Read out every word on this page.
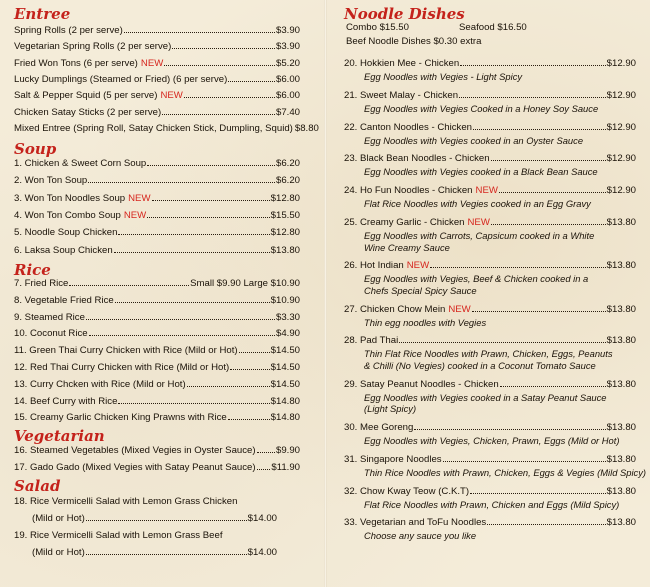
Entree
Spring Rolls (2 per serve)	$3.90
Vegetarian Spring Rolls (2 per serve)	$3.90
Fried Won Tons (6 per serve) NEW	$5.20
Lucky Dumplings (Steamed or Fried) (6 per serve)	$6.00
Salt & Pepper Squid (5 per serve) NEW	$6.00
Chicken Satay Sticks (2 per serve)	$7.40
Mixed Entree (Spring Roll, Satay Chicken Stick, Dumpling, Squid) $8.80
Soup
1. Chicken & Sweet Corn Soup	$6.20
2. Won Ton Soup	$6.20
3. Won Ton Noodles Soup NEW	$12.80
4. Won Ton Combo Soup NEW	$15.50
5. Noodle Soup Chicken	$12.80
6. Laksa Soup Chicken	$13.80
Rice
7. Fried Rice	Small $9.90 Large $10.90
8. Vegetable Fried Rice	$10.90
9. Steamed Rice	$3.30
10. Coconut Rice	$4.90
11. Green Thai Curry Chicken with Rice (Mild or Hot)	$14.50
12. Red Thai Curry Chicken with Rice (Mild or Hot)	$14.50
13. Curry Chcken with Rice (Mild or Hot)	$14.50
14. Beef Curry with Rice	$14.80
15. Creamy Garlic Chicken King Prawns with Rice	$14.80
Vegetarian
16. Steamed Vegetables (Mixed Vegies in Oyster Sauce) $9.90
17. Gado Gado (Mixed Vegies with Satay Peanut Sauce) $11.90
Salad
18. Rice Vermicelli Salad with Lemon Grass Chicken
(Mild or Hot)	$14.00
19. Rice Vermicelli Salad with Lemon Grass Beef
(Mild or Hot)	$14.00
Noodle Dishes
Combo $15.50	Seafood $16.50
Beef Noodle Dishes $0.30 extra
20. Hokkien Mee - Chicken	$12.90
Egg Noodles with Vegies - Light Spicy
21. Sweet Malay - Chicken	$12.90
Egg Noodles with Vegies Cooked in a Honey Soy Sauce
22. Canton Noodles - Chicken	$12.90
Egg Noodles with Vegies cooked in an Oyster Sauce
23. Black Bean Noodles - Chicken	$12.90
Egg Noodles with Vegies cooked in a Black Bean Sauce
24. Ho Fun Noodles - Chicken NEW	$12.90
Flat Rice Noodles with Vegies cooked in an Egg Gravy
25. Creamy Garlic - Chicken NEW	$13.80
Egg Noodles with Carrots, Capsicum cooked in a White
Wine Creamy Sauce
26. Hot Indian NEW	$13.80
Egg Noodles with Vegies, Beef & Chicken cooked in a
Chefs Special Spicy Sauce
27. Chicken Chow Mein NEW	$13.80
Thin egg noodles with Vegies
28. Pad Thai	$13.80
Thin Flat Rice Noodles with Prawn, Chicken, Eggs, Peanuts
& Chilli (No Vegies) cooked in a Coconut Tomato Sauce
29. Satay Peanut Noodles - Chicken	$13.80
Egg Noodles with Vegies cooked in a Satay Peanut Sauce
(Light Spicy)
30. Mee Goreng	$13.80
Egg Noodles with Vegies, Chicken, Prawn, Eggs (Mild or Hot)
31. Singapore Noodles	$13.80
Thin Rice Noodles with Prawn, Chicken, Eggs & Vegies (Mild Spicy)
32. Chow Kway Teow (C.K.T)	$13.80
Flat Rice Noodles with Prawn, Chicken and Eggs (Mild Spicy)
33. Vegetarian and ToFu Noodles	$13.80
Choose any sauce you like
